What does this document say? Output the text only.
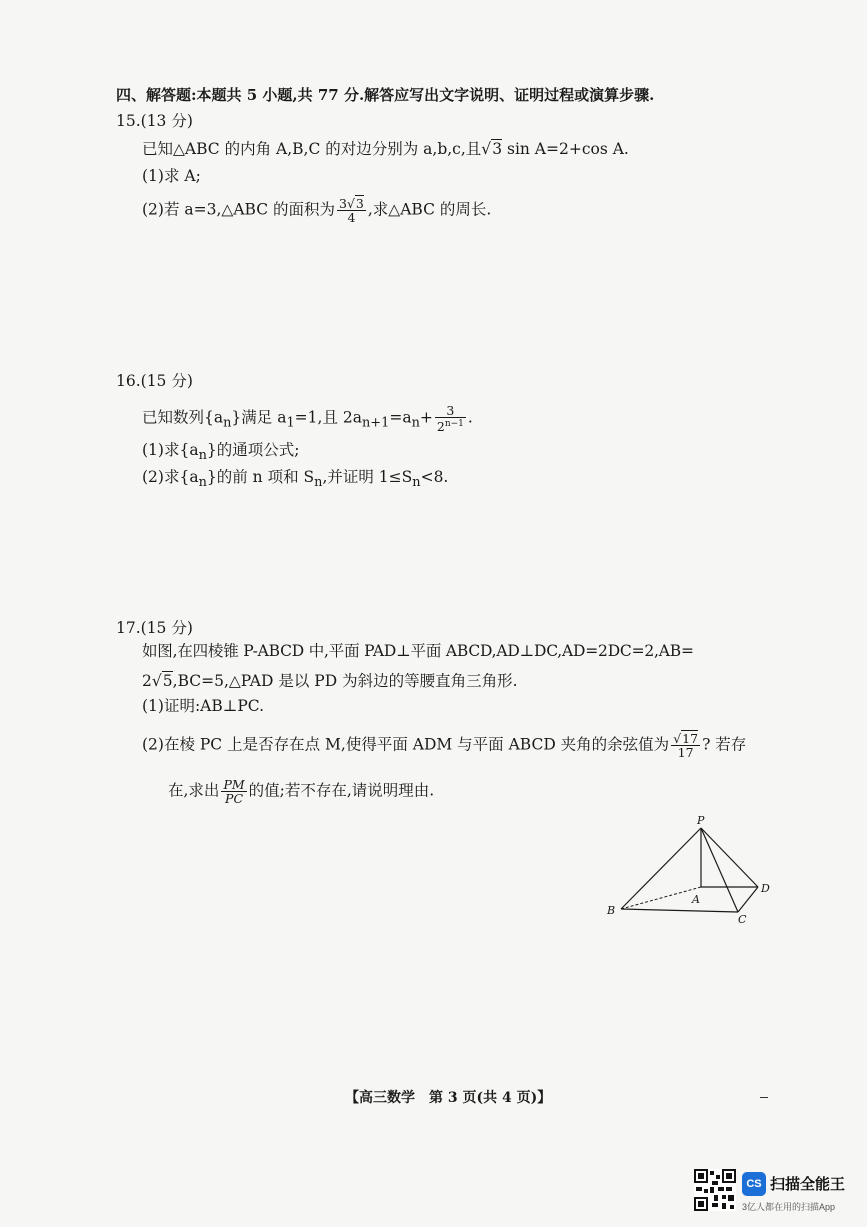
四、解答题:本题共 5 小题,共 77 分.解答应写出文字说明、证明过程或演算步骤.
15.(13 分)
已知△ABC 的内角 A,B,C 的对边分别为 a,b,c,且√3 sin A=2+cos A.
(1)求 A;
(2)若 a=3,△ABC 的面积为 $\frac{3√3}{4}$ ,求△ABC 的周长.
16.(15 分)
已知数列$\{a_n\}$满足 $a_1=1$,且 $2a_{n+1}=a_n+ \frac{3}{2^{n-1}}$ .
(1)求$\{a_n\}$的通项公式;
(2)求$\{a_n\}$的前 n 项和 $S_n$,并证明 $1\le S_n<8$.
17.(15 分)
如图,在四棱锥 P-ABCD 中,平面 PAD⊥平面 ABCD,AD⊥DC,AD=2DC=2,AB=
2√5,BC=5,△PAD 是以 PD 为斜边的等腰直角三角形.
(1)证明:AB⊥PC.
(2)在棱 PC 上是否存在点 M,使得平面 ADM 与平面 ABCD 夹角的余弦值为 $\frac{√17}{17}$ ? 若存
在,求出 $\frac{PM}{PC}$ 的值;若不存在,请说明理由.
P
A
B
C
D
【高三数学　第 3 页(共 4 页)】
CS 扫描全能王
3亿人都在用的扫描App
